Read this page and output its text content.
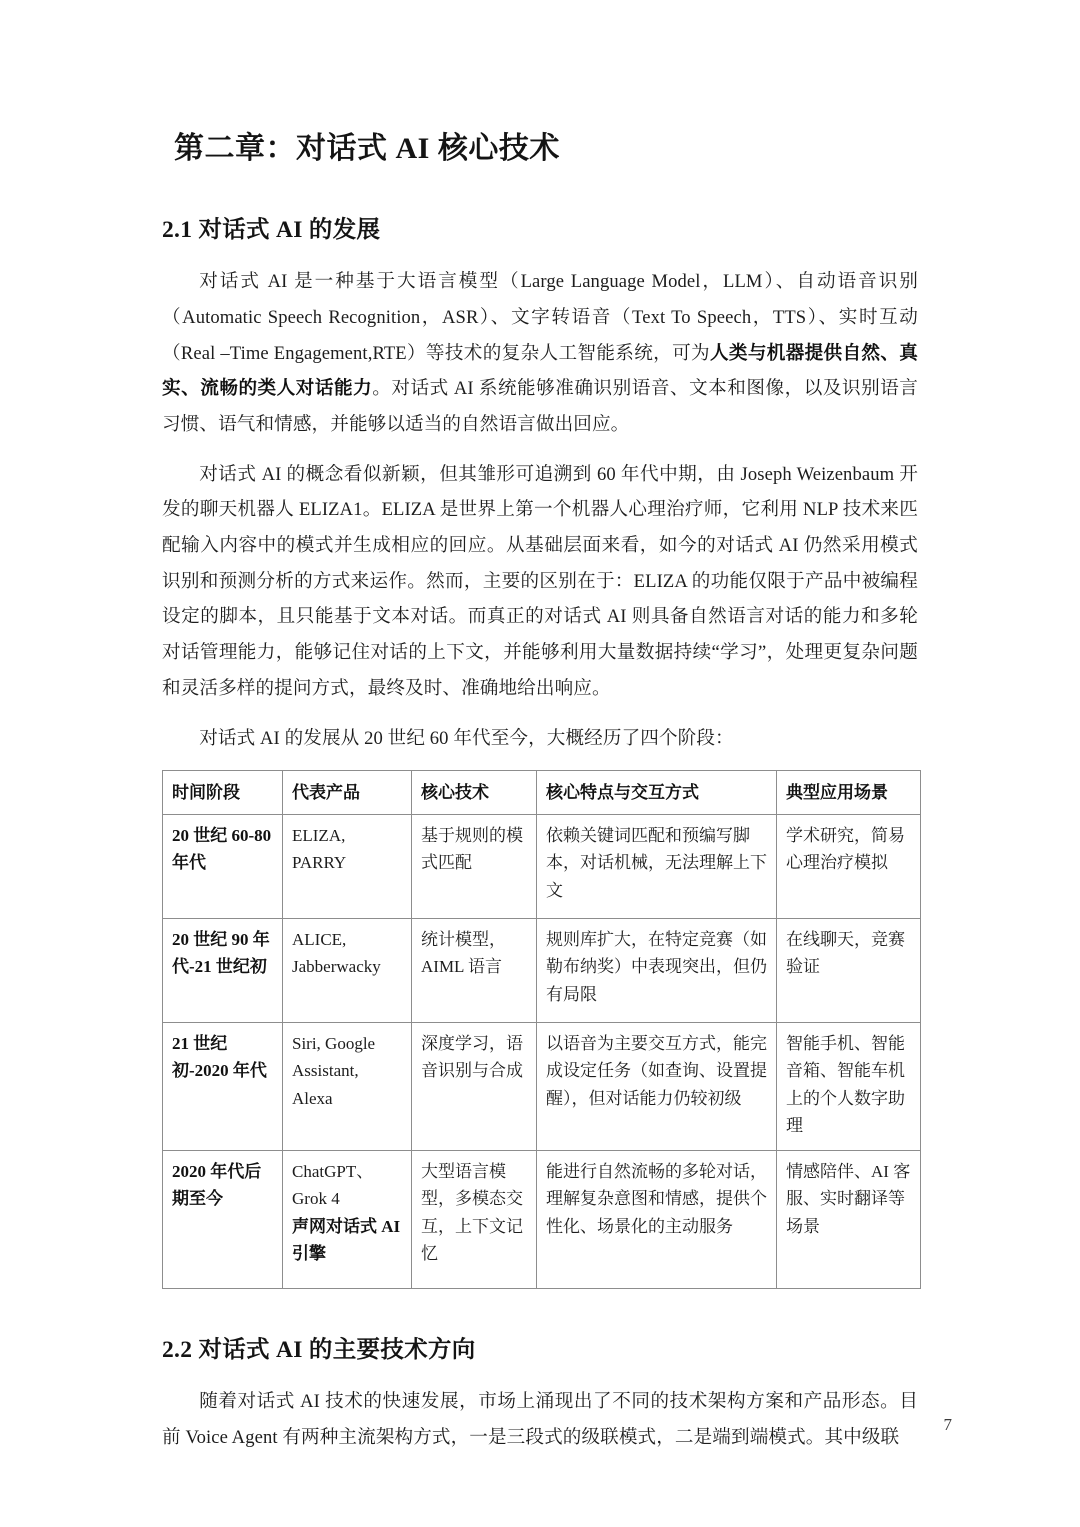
第二章：对话式 AI 核心技术
2.1 对话式 AI 的发展

对话式 AI 是一种基于大语言模型（Large Language Model，LLM）、自动语音识别（Automatic Speech Recognition，ASR）、文字转语音（Text To Speech，TTS）、实时互动（Real –Time Engagement,RTE）等技术的复杂人工智能系统，可为人类与机器提供自然、真实、流畅的类人对话能力。对话式 AI 系统能够准确识别语音、文本和图像，以及识别语言习惯、语气和情感，并能够以适当的自然语言做出回应。

对话式 AI 的概念看似新颖，但其雏形可追溯到 60 年代中期，由 Joseph Weizenbaum 开发的聊天机器人 ELIZA1。ELIZA 是世界上第一个机器人心理治疗师，它利用 NLP 技术来匹配输入内容中的模式并生成相应的回应。从基础层面来看，如今的对话式 AI 仍然采用模式识别和预测分析的方式来运作。然而，主要的区别在于：ELIZA 的功能仅限于产品中被编程设定的脚本，且只能基于文本对话。而真正的对话式 AI 则具备自然语言对话的能力和多轮对话管理能力，能够记住对话的上下文，并能够利用大量数据持续“学习”，处理更复杂问题和灵活多样的提问方式，最终及时、准确地给出响应。

对话式 AI 的发展从 20 世纪 60 年代至今，大概经历了四个阶段：

时间阶段	代表产品	核心技术	核心特点与交互方式	典型应用场景
20 世纪 60-80 年代	ELIZA, PARRY	基于规则的模式匹配	依赖关键词匹配和预编写脚本，对话机械，无法理解上下文	学术研究，简易心理治疗模拟

20 世纪 90 年代-21 世纪初	ALICE,
Jabberwacky	统计模型，AIML 语言	规则库扩大，在特定竞赛（如勒布纳奖）中表现突出，但仍有局限	在线聊天，竞赛验证

21 世纪初-2020 年代	Siri, Google
Assistant,
Alexa	深度学习，语音识别与合成	以语音为主要交互方式，能完成设定任务（如查询、设置提醒），但对话能力仍较初级	智能手机、智能音箱、智能车机上的个人数字助理

2020 年代后期至今	ChatGPT、
Grok 4
声网对话式 AI 引擎	大型语言模型，多模态交互，上下文记忆	能进行自然流畅的多轮对话，理解复杂意图和情感，提供个性化、场景化的主动服务	情感陪伴、AI 客服、实时翻译等场景
2.2 对话式 AI 的主要技术方向

随着对话式 AI 技术的快速发展，市场上涌现出了不同的技术架构方案和产品形态。目前 Voice Agent 有两种主流架构方式，一是三段式的级联模式，二是端到端模式。其中级联

7
